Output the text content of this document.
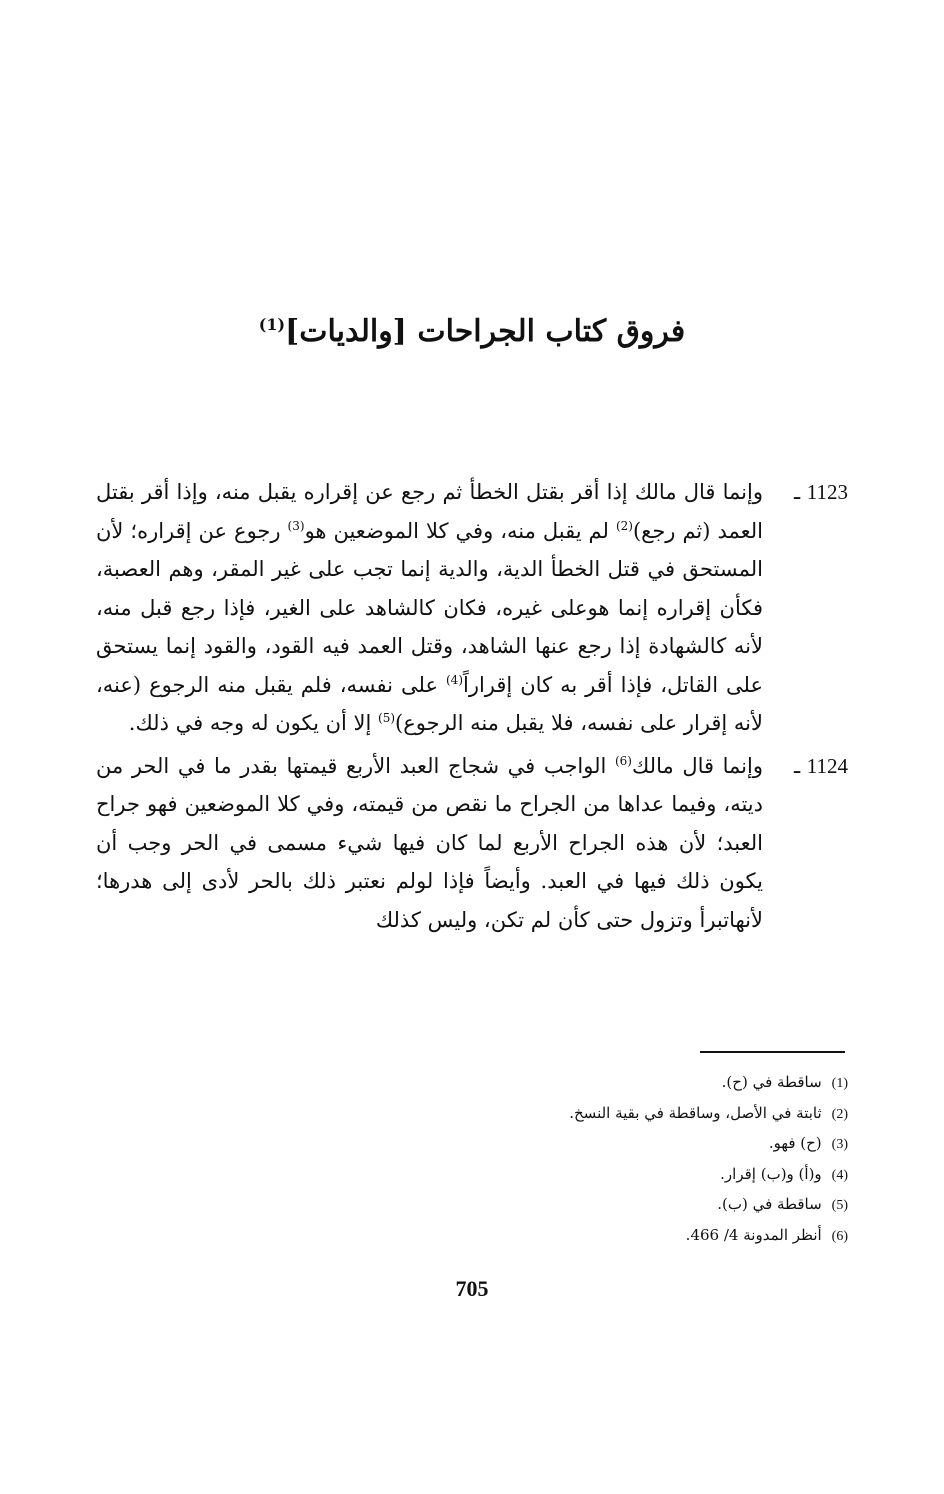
فروق كتاب الجراحات [والديات]$^{(1)}$

1123 ـ
وإنما قال مالك إذا أقر بقتل الخطأ ثم رجع عن إقراره يقبل منه، وإذا أقر بقتل العمد (ثم رجع)$^{(2)}$ لم يقبل منه، وفي كلا الموضعين هو$^{(3)}$ رجوع عن إقراره؛ لأن المستحق في قتل الخطأ الدية، والدية إنما تجب على غير المقر، وهم العصبة، فكأن إقراره إنما هوعلى غيره، فكان كالشاهد على الغير، فإذا رجع قبل منه، لأنه كالشهادة إذا رجع عنها الشاهد، وقتل العمد فيه القود، والقود إنما يستحق على القاتل، فإذا أقر به كان إقراراً$^{(4)}$ على نفسه، فلم يقبل منه الرجوع (عنه، لأنه إقرار على نفسه، فلا يقبل منه الرجوع)$^{(5)}$ إلا أن يكون له وجه في ذلك.

1124 ـ
وإنما قال مالك$^{(6)}$ الواجب في شجاج العبد الأربع قيمتها بقدر ما في الحر من ديته، وفيما عداها من الجراح ما نقص من قيمته، وفي كلا الموضعين فهو جراح العبد؛ لأن هذه الجراح الأربع لما كان فيها شيء مسمى في الحر وجب أن يكون ذلك فيها في العبد. وأيضاً فإذا لولم نعتبر ذلك بالحر لأدى إلى هدرها؛ لأنهاتبرأ وتزول حتى كأن لم تكن، وليس كذلك

(1)
ساقطة في (ح).
(2)
ثابتة في الأصل، وساقطة في بقية النسخ.
(3)
(ح) فهو.
(4)
و(أ) و(ب) إقرار.
(5)
ساقطة في (ب).
(6)
أنظر المدونة 4/ 466.
705
